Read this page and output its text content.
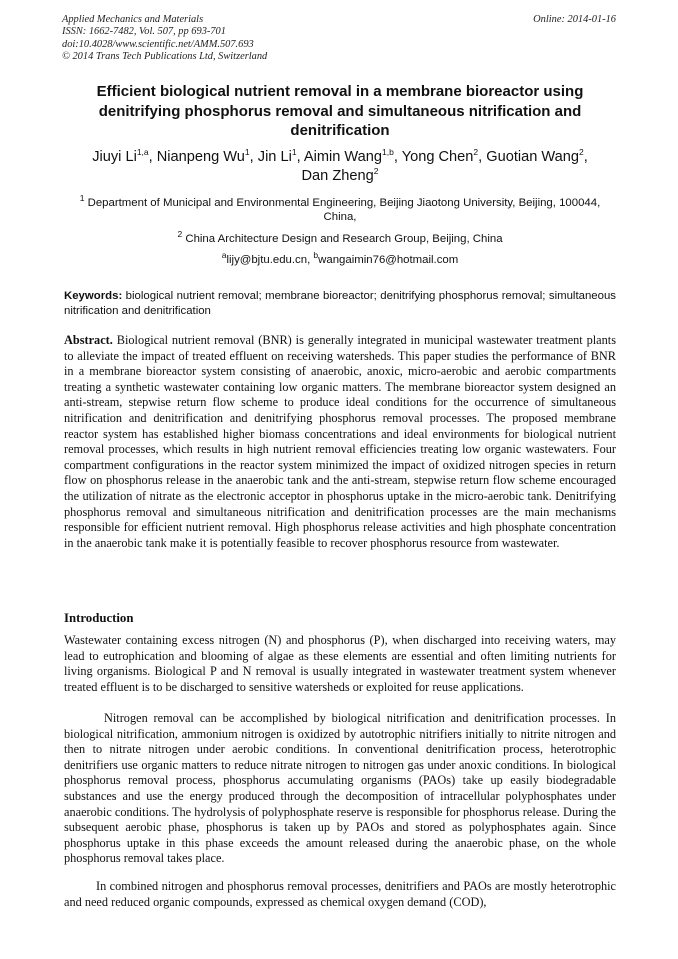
Applied Mechanics and Materials
ISSN: 1662-7482, Vol. 507, pp 693-701
doi:10.4028/www.scientific.net/AMM.507.693
© 2014 Trans Tech Publications Ltd, Switzerland
Online: 2014-01-16
Efficient biological nutrient removal in a membrane bioreactor using denitrifying phosphorus removal and simultaneous nitrification and denitrification
Jiuyi Li$^{1,a}$, Nianpeng Wu$^1$, Jin Li$^1$, Aimin Wang$^{1,b}$, Yong Chen$^2$, Guotian Wang$^2$,
Dan Zheng$^2$
$^1$ Department of Municipal and Environmental Engineering, Beijing Jiaotong University, Beijing, 100044, China,
$^2$ China Architecture Design and Research Group, Beijing, China
$^a$lijy@bjtu.edu.cn, $^b$wangaimin76@hotmail.com
Keywords: biological nutrient removal; membrane bioreactor; denitrifying phosphorus removal; simultaneous nitrification and denitrification

Abstract. Biological nutrient removal (BNR) is generally integrated in municipal wastewater treatment plants to alleviate the impact of treated effluent on receiving watersheds. This paper studies the performance of BNR in a membrane bioreactor system consisting of anaerobic, anoxic, micro-aerobic and aerobic compartments treating a synthetic wastewater containing low organic matters. The membrane bioreactor system designed an anti-stream, stepwise return flow scheme to produce ideal conditions for the occurrence of simultaneous nitrification and denitrification and denitrifying phosphorus removal processes. The proposed membrane reactor system has established higher biomass concentrations and ideal environments for biological nutrient removal processes, which results in high nutrient removal efficiencies treating low organic wastewaters. Four compartment configurations in the reactor system minimized the impact of oxidized nitrogen species in return flow on phosphorus release in the anaerobic tank and the anti-stream, stepwise return flow scheme encouraged the utilization of nitrate as the electronic acceptor in phosphorus uptake in the micro-aerobic tank. Denitrifying phosphorus removal and simultaneous nitrification and denitrification processes are the main mechanisms responsible for efficient nutrient removal. High phosphorus release activities and high phosphate concentration in the anaerobic tank make it is potentially feasible to recover phosphorus resource from wastewater.

Introduction

Wastewater containing excess nitrogen (N) and phosphorus (P), when discharged into receiving waters, may lead to eutrophication and blooming of algae as these elements are essential and often limiting nutrients for living organisms. Biological P and N removal is usually integrated in wastewater treatment system whenever treated effluent is to be discharged to sensitive watersheds or exploited for reuse applications.

Nitrogen removal can be accomplished by biological nitrification and denitrification processes. In biological nitrification, ammonium nitrogen is oxidized by autotrophic nitrifiers initially to nitrite nitrogen and then to nitrate nitrogen under aerobic conditions. In conventional denitrification process, heterotrophic denitrifiers use organic matters to reduce nitrate nitrogen to nitrogen gas under anoxic conditions. In biological phosphorus removal process, phosphorus accumulating organisms (PAOs) take up easily biodegradable substances and use the energy produced through the decomposition of intracellular polyphosphates under anaerobic conditions. The hydrolysis of polyphosphate reserve is responsible for phosphorus release. During the subsequent aerobic phase, phosphorus is taken up by PAOs and stored as polyphosphates again. Since phosphorus uptake in this phase exceeds the amount released during the anaerobic phase, on the whole phosphorus removal takes place.

In combined nitrogen and phosphorus removal processes, denitrifiers and PAOs are mostly heterotrophic and need reduced organic compounds, expressed as chemical oxygen demand (COD),
